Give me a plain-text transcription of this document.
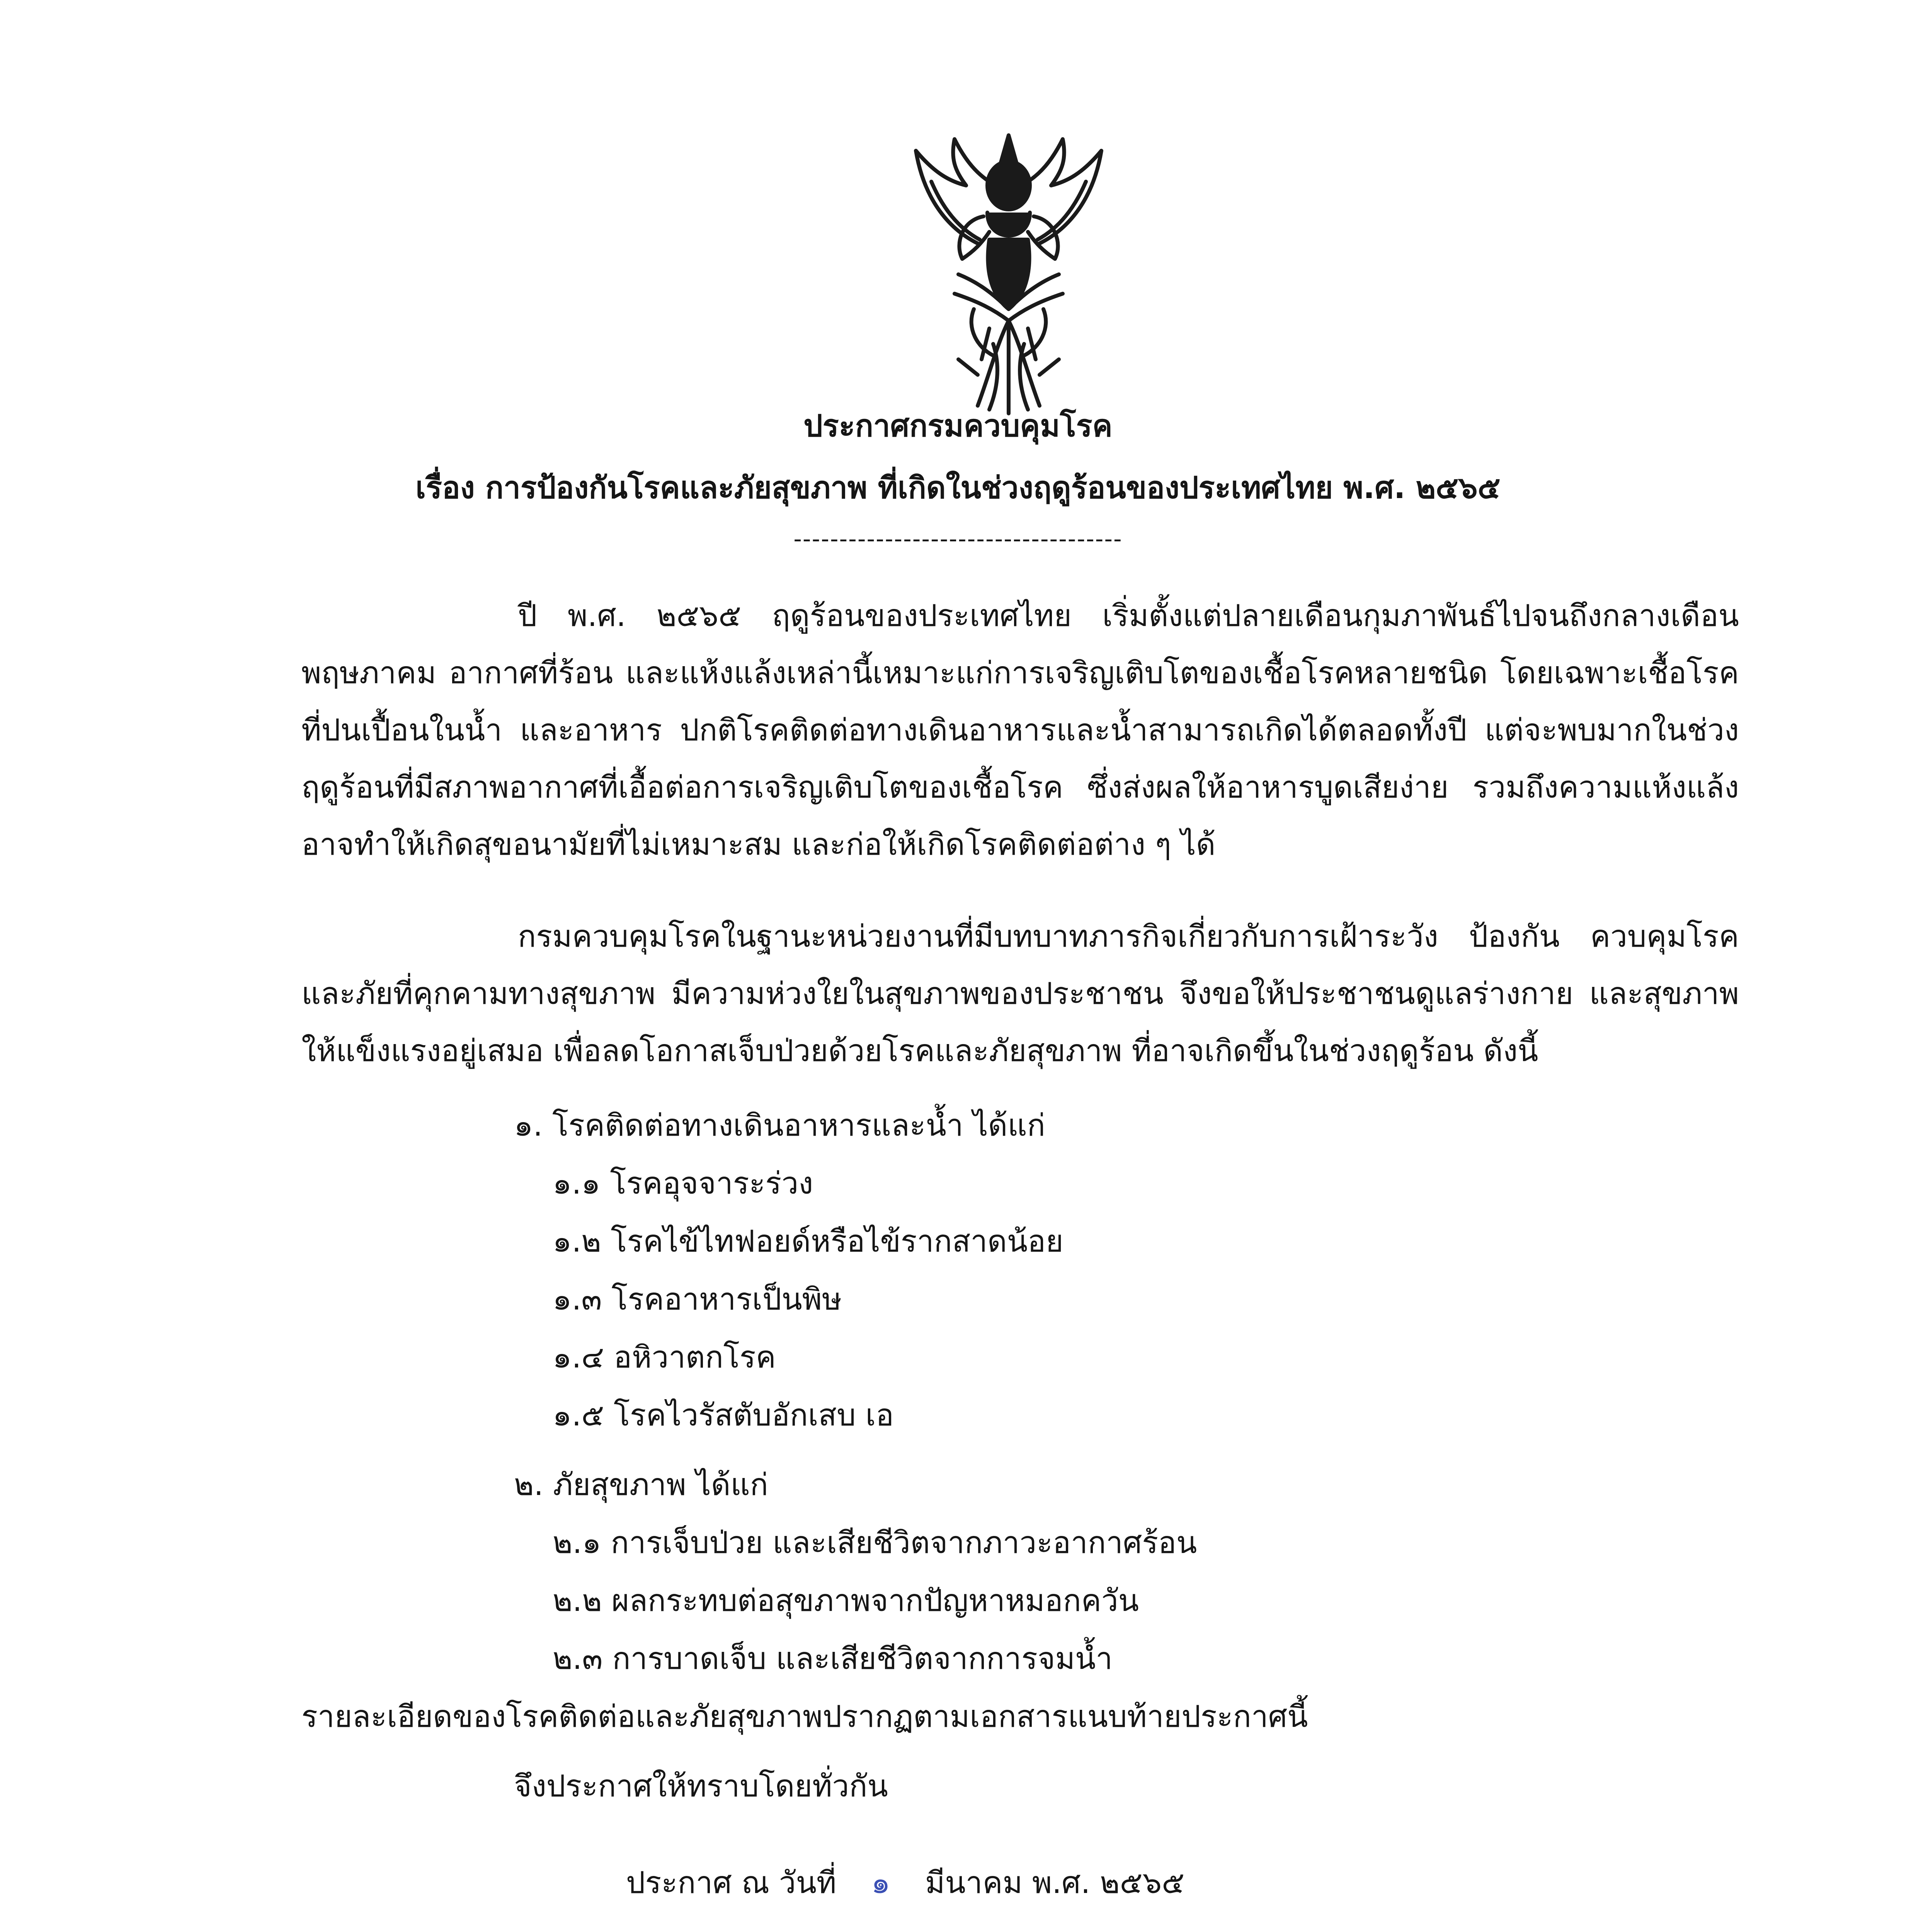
ประกาศกรมควบคุมโรค
เรื่อง การป้องกันโรคและภัยสุขภาพ ที่เกิดในช่วงฤดูร้อนของประเทศไทย พ.ศ. ๒๕๖๕
------------------------------------

ปี พ.ศ. ๒๕๖๕ ฤดูร้อนของประเทศไทย เริ่มตั้งแต่ปลายเดือนกุมภาพันธ์ไปจนถึงกลางเดือน พฤษภาคม อากาศที่ร้อน และแห้งแล้งเหล่านี้เหมาะแก่การเจริญเติบโตของเชื้อโรคหลายชนิด โดยเฉพาะเชื้อโรคที่ปนเปื้อนในน้ำ และอาหาร ปกติโรคติดต่อทางเดินอาหารและน้ำสามารถเกิดได้ตลอดทั้งปี แต่จะพบมากในช่วงฤดูร้อนที่มีสภาพอากาศที่เอื้อต่อการเจริญเติบโตของเชื้อโรค ซึ่งส่งผลให้อาหารบูดเสียง่าย รวมถึงความแห้งแล้ง อาจทำให้เกิดสุขอนามัยที่ไม่เหมาะสม และก่อให้เกิดโรคติดต่อต่าง ๆ ได้

กรมควบคุมโรคในฐานะหน่วยงานที่มีบทบาทภารกิจเกี่ยวกับการเฝ้าระวัง ป้องกัน ควบคุมโรคและภัยที่คุกคามทางสุขภาพ มีความห่วงใยในสุขภาพของประชาชน จึงขอให้ประชาชนดูแลร่างกาย และสุขภาพให้แข็งแรงอยู่เสมอ เพื่อลดโอกาสเจ็บป่วยด้วยโรคและภัยสุขภาพ ที่อาจเกิดขึ้นในช่วงฤดูร้อน ดังนี้

๑. โรคติดต่อทางเดินอาหารและน้ำ ได้แก่
๑.๑ โรคอุจจาระร่วง
๑.๒ โรคไข้ไทฟอยด์หรือไข้รากสาดน้อย
๑.๓ โรคอาหารเป็นพิษ
๑.๔ อหิวาตกโรค
๑.๕ โรคไวรัสตับอักเสบ เอ
๒. ภัยสุขภาพ ได้แก่
๒.๑ การเจ็บป่วย และเสียชีวิตจากภาวะอากาศร้อน
๒.๒ ผลกระทบต่อสุขภาพจากปัญหาหมอกควัน
๒.๓ การบาดเจ็บ และเสียชีวิตจากการจมน้ำ
รายละเอียดของโรคติดต่อและภัยสุขภาพปรากฏตามเอกสารแนบท้ายประกาศนี้
จึงประกาศให้ทราบโดยทั่วกัน
ประกาศ ณ วันที่ ๑ มีนาคม พ.ศ. ๒๕๖๕
